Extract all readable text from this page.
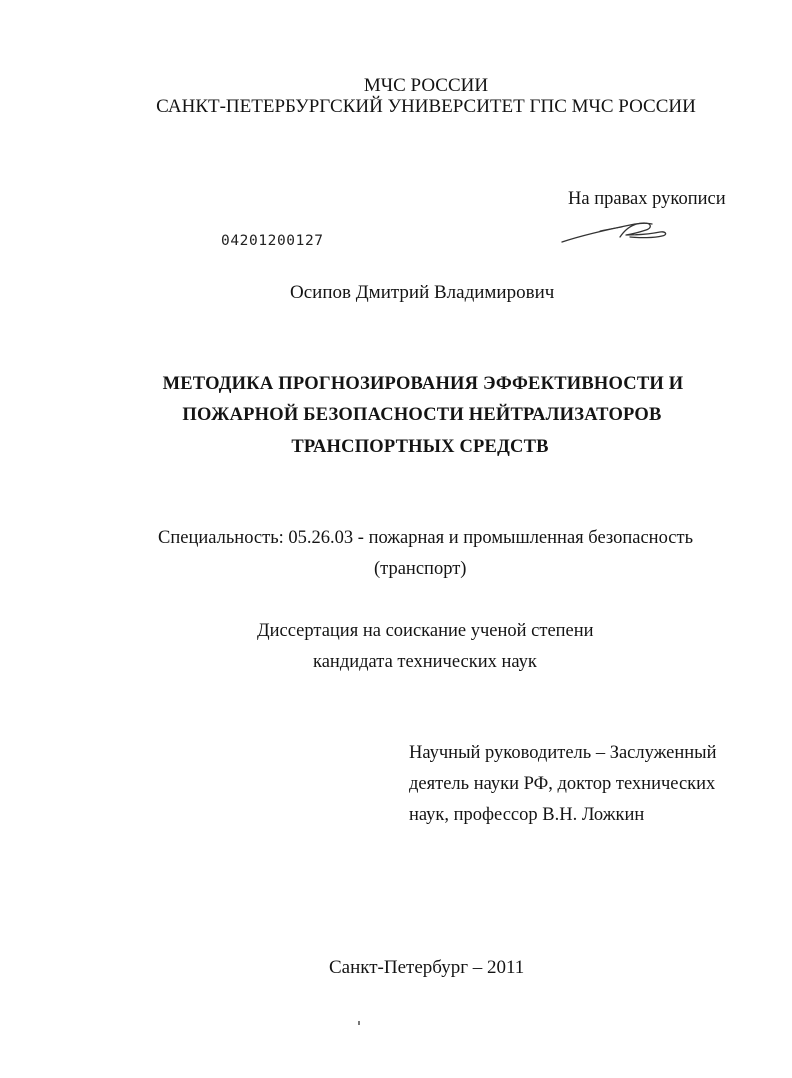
МЧС РОССИИ
САНКТ-ПЕТЕРБУРГСКИЙ УНИВЕРСИТЕТ ГПС МЧС РОССИИ
На правах рукописи
04201200127
Осипов Дмитрий Владимирович
МЕТОДИКА ПРОГНОЗИРОВАНИЯ ЭФФЕКТИВНОСТИ И
ПОЖАРНОЙ БЕЗОПАСНОСТИ НЕЙТРАЛИЗАТОРОВ
ТРАНСПОРТНЫХ СРЕДСТВ
Специальность: 05.26.03 - пожарная и промышленная безопасность
(транспорт)
Диссертация на соискание ученой степени
кандидата технических наук
Научный руководитель – Заслуженный
деятель науки РФ, доктор технических
наук, профессор В.Н. Ложкин
Санкт-Петербург – 2011
